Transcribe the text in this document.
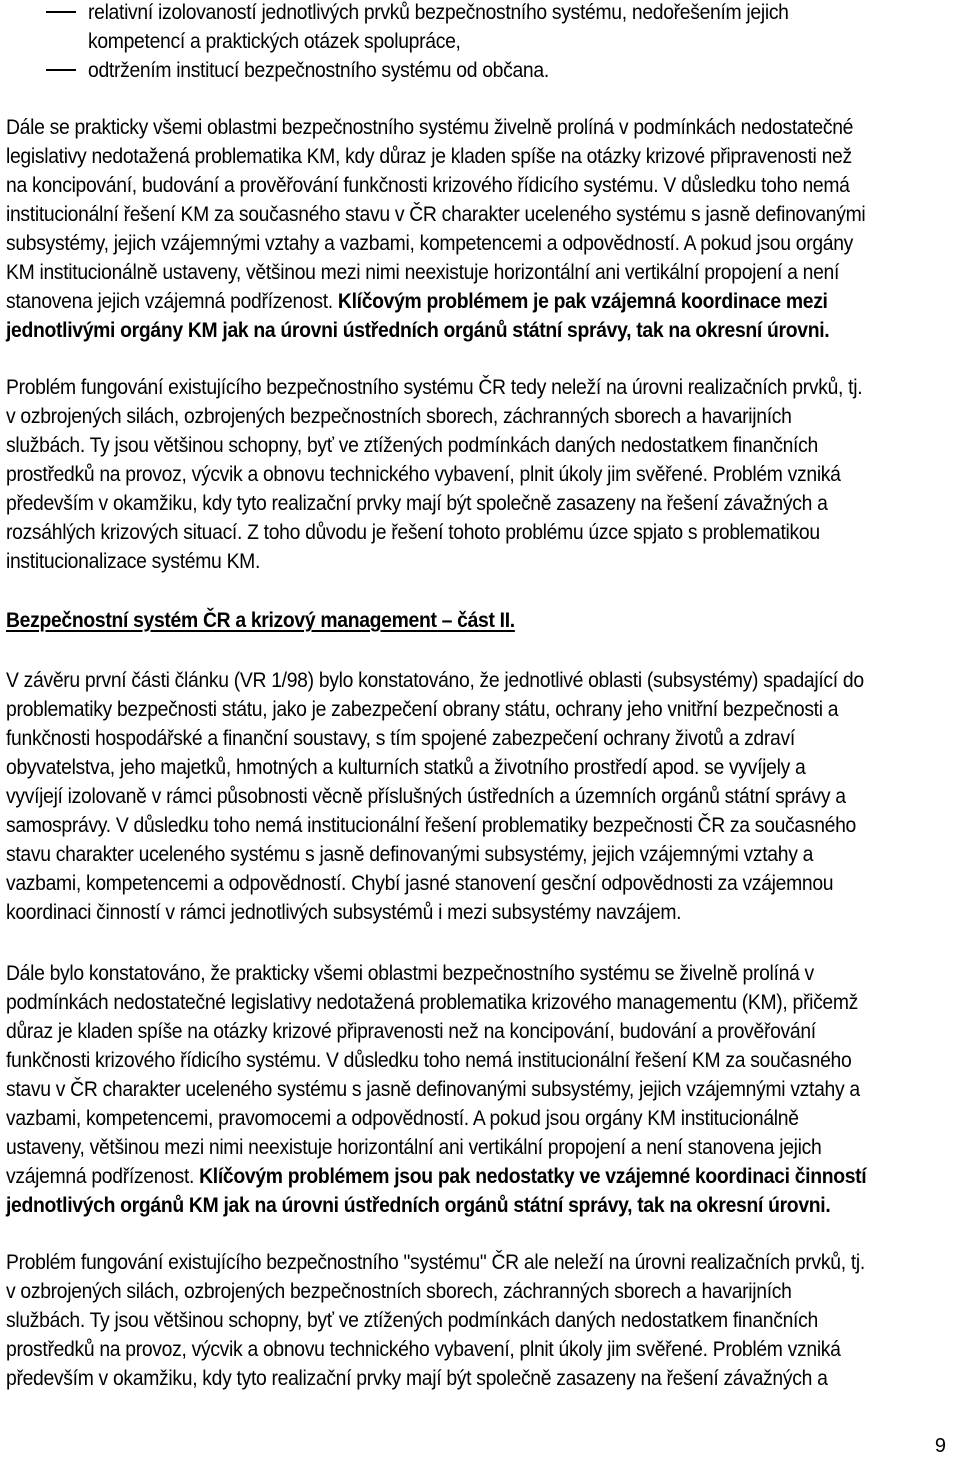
relativní izolovaností jednotlivých prvků bezpečnostního systému, nedořešením jejich
kompetencí a praktických otázek spolupráce,
odtržením institucí bezpečnostního systému od občana.
Dále se prakticky všemi oblastmi bezpečnostního systému živelně prolíná v podmínkách nedostatečné
legislativy nedotažená problematika KM, kdy důraz je kladen spíše na otázky krizové připravenosti než
na koncipování, budování a prověřování funkčnosti krizového řídicího systému. V důsledku toho nemá
institucionální řešení KM za současného stavu v ČR charakter uceleného systému s jasně definovanými
subsystémy, jejich vzájemnými vztahy a vazbami, kompetencemi a odpovědností. A pokud jsou orgány
KM institucionálně ustaveny, většinou mezi nimi neexistuje horizontální ani vertikální propojení a není
stanovena jejich vzájemná podřízenost. Klíčovým problémem je pak vzájemná koordinace mezi
jednotlivými orgány KM jak na úrovni ústředních orgánů státní správy, tak na okresní úrovni.
Problém fungování existujícího bezpečnostního systému ČR tedy neleží na úrovni realizačních prvků, tj.
v ozbrojených silách, ozbrojených bezpečnostních sborech, záchranných sborech a havarijních
službách. Ty jsou většinou schopny, byť ve ztížených podmínkách daných nedostatkem finančních
prostředků na provoz, výcvik a obnovu technického vybavení, plnit úkoly jim svěřené. Problém vzniká
především v okamžiku, kdy tyto realizační prvky mají být společně zasazeny na řešení závažných a
rozsáhlých krizových situací. Z toho důvodu je řešení tohoto problému úzce spjato s problematikou
institucionalizace systému KM.
Bezpečnostní systém ČR a krizový management – část II.
V závěru první části článku (VR 1/98) bylo konstatováno, že jednotlivé oblasti (subsystémy) spadající do
problematiky bezpečnosti státu, jako je zabezpečení obrany státu, ochrany jeho vnitřní bezpečnosti a
funkčnosti hospodářské a finanční soustavy, s tím spojené zabezpečení ochrany životů a zdraví
obyvatelstva, jeho majetků, hmotných a kulturních statků a životního prostředí apod. se vyvíjely a
vyvíjejí izolovaně v rámci působnosti věcně příslušných ústředních a územních orgánů státní správy a
samosprávy. V důsledku toho nemá institucionální řešení problematiky bezpečnosti ČR za současného
stavu charakter uceleného systému s jasně definovanými subsystémy, jejich vzájemnými vztahy a
vazbami, kompetencemi a odpovědností. Chybí jasné stanovení gesční odpovědnosti za vzájemnou
koordinaci činností v rámci jednotlivých subsystémů i mezi subsystémy navzájem.
Dále bylo konstatováno, že prakticky všemi oblastmi bezpečnostního systému se živelně prolíná v
podmínkách nedostatečné legislativy nedotažená problematika krizového managementu (KM), přičemž
důraz je kladen spíše na otázky krizové připravenosti než na koncipování, budování a prověřování
funkčnosti krizového řídicího systému. V důsledku toho nemá institucionální řešení KM za současného
stavu v ČR charakter uceleného systému s jasně definovanými subsystémy, jejich vzájemnými vztahy a
vazbami, kompetencemi, pravomocemi a odpovědností. A pokud jsou orgány KM institucionálně
ustaveny, většinou mezi nimi neexistuje horizontální ani vertikální propojení a není stanovena jejich
vzájemná podřízenost. Klíčovým problémem jsou pak nedostatky ve vzájemné koordinaci činností
jednotlivých orgánů KM jak na úrovni ústředních orgánů státní správy, tak na okresní úrovni.
Problém fungování existujícího bezpečnostního "systému" ČR ale neleží na úrovni realizačních prvků, tj.
v ozbrojených silách, ozbrojených bezpečnostních sborech, záchranných sborech a havarijních
službách. Ty jsou většinou schopny, byť ve ztížených podmínkách daných nedostatkem finančních
prostředků na provoz, výcvik a obnovu technického vybavení, plnit úkoly jim svěřené. Problém vzniká
především v okamžiku, kdy tyto realizační prvky mají být společně zasazeny na řešení závažných a
9
